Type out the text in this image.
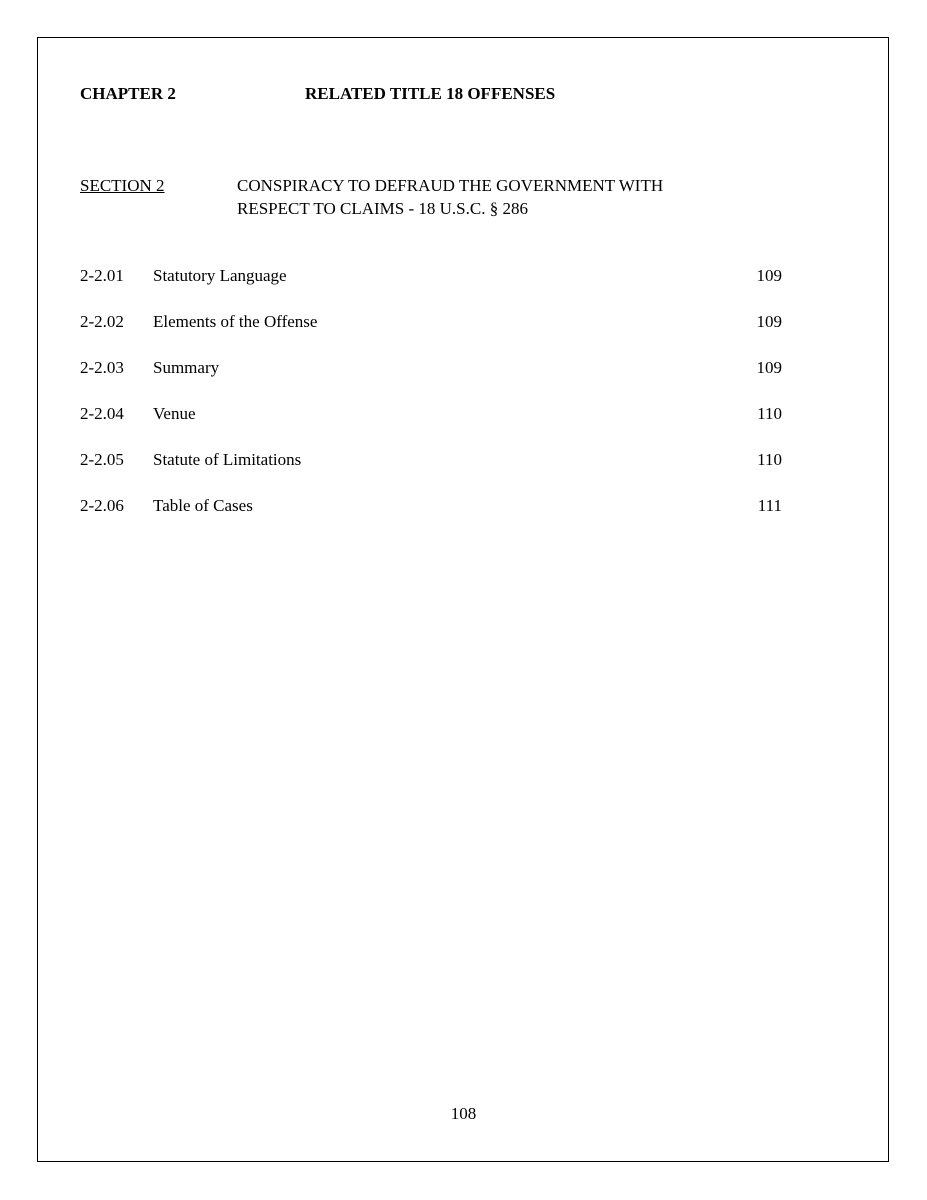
CHAPTER 2	RELATED TITLE 18 OFFENSES
SECTION 2	CONSPIRACY TO DEFRAUD THE GOVERNMENT WITH
RESPECT TO CLAIMS - 18 U.S.C. § 286
2-2.01 Statutory Language	109
2-2.02 Elements of the Offense	109
2-2.03 Summary	109
2-2.04 Venue	110
2-2.05 Statute of Limitations	110
2-2.06 Table of Cases	111
108
